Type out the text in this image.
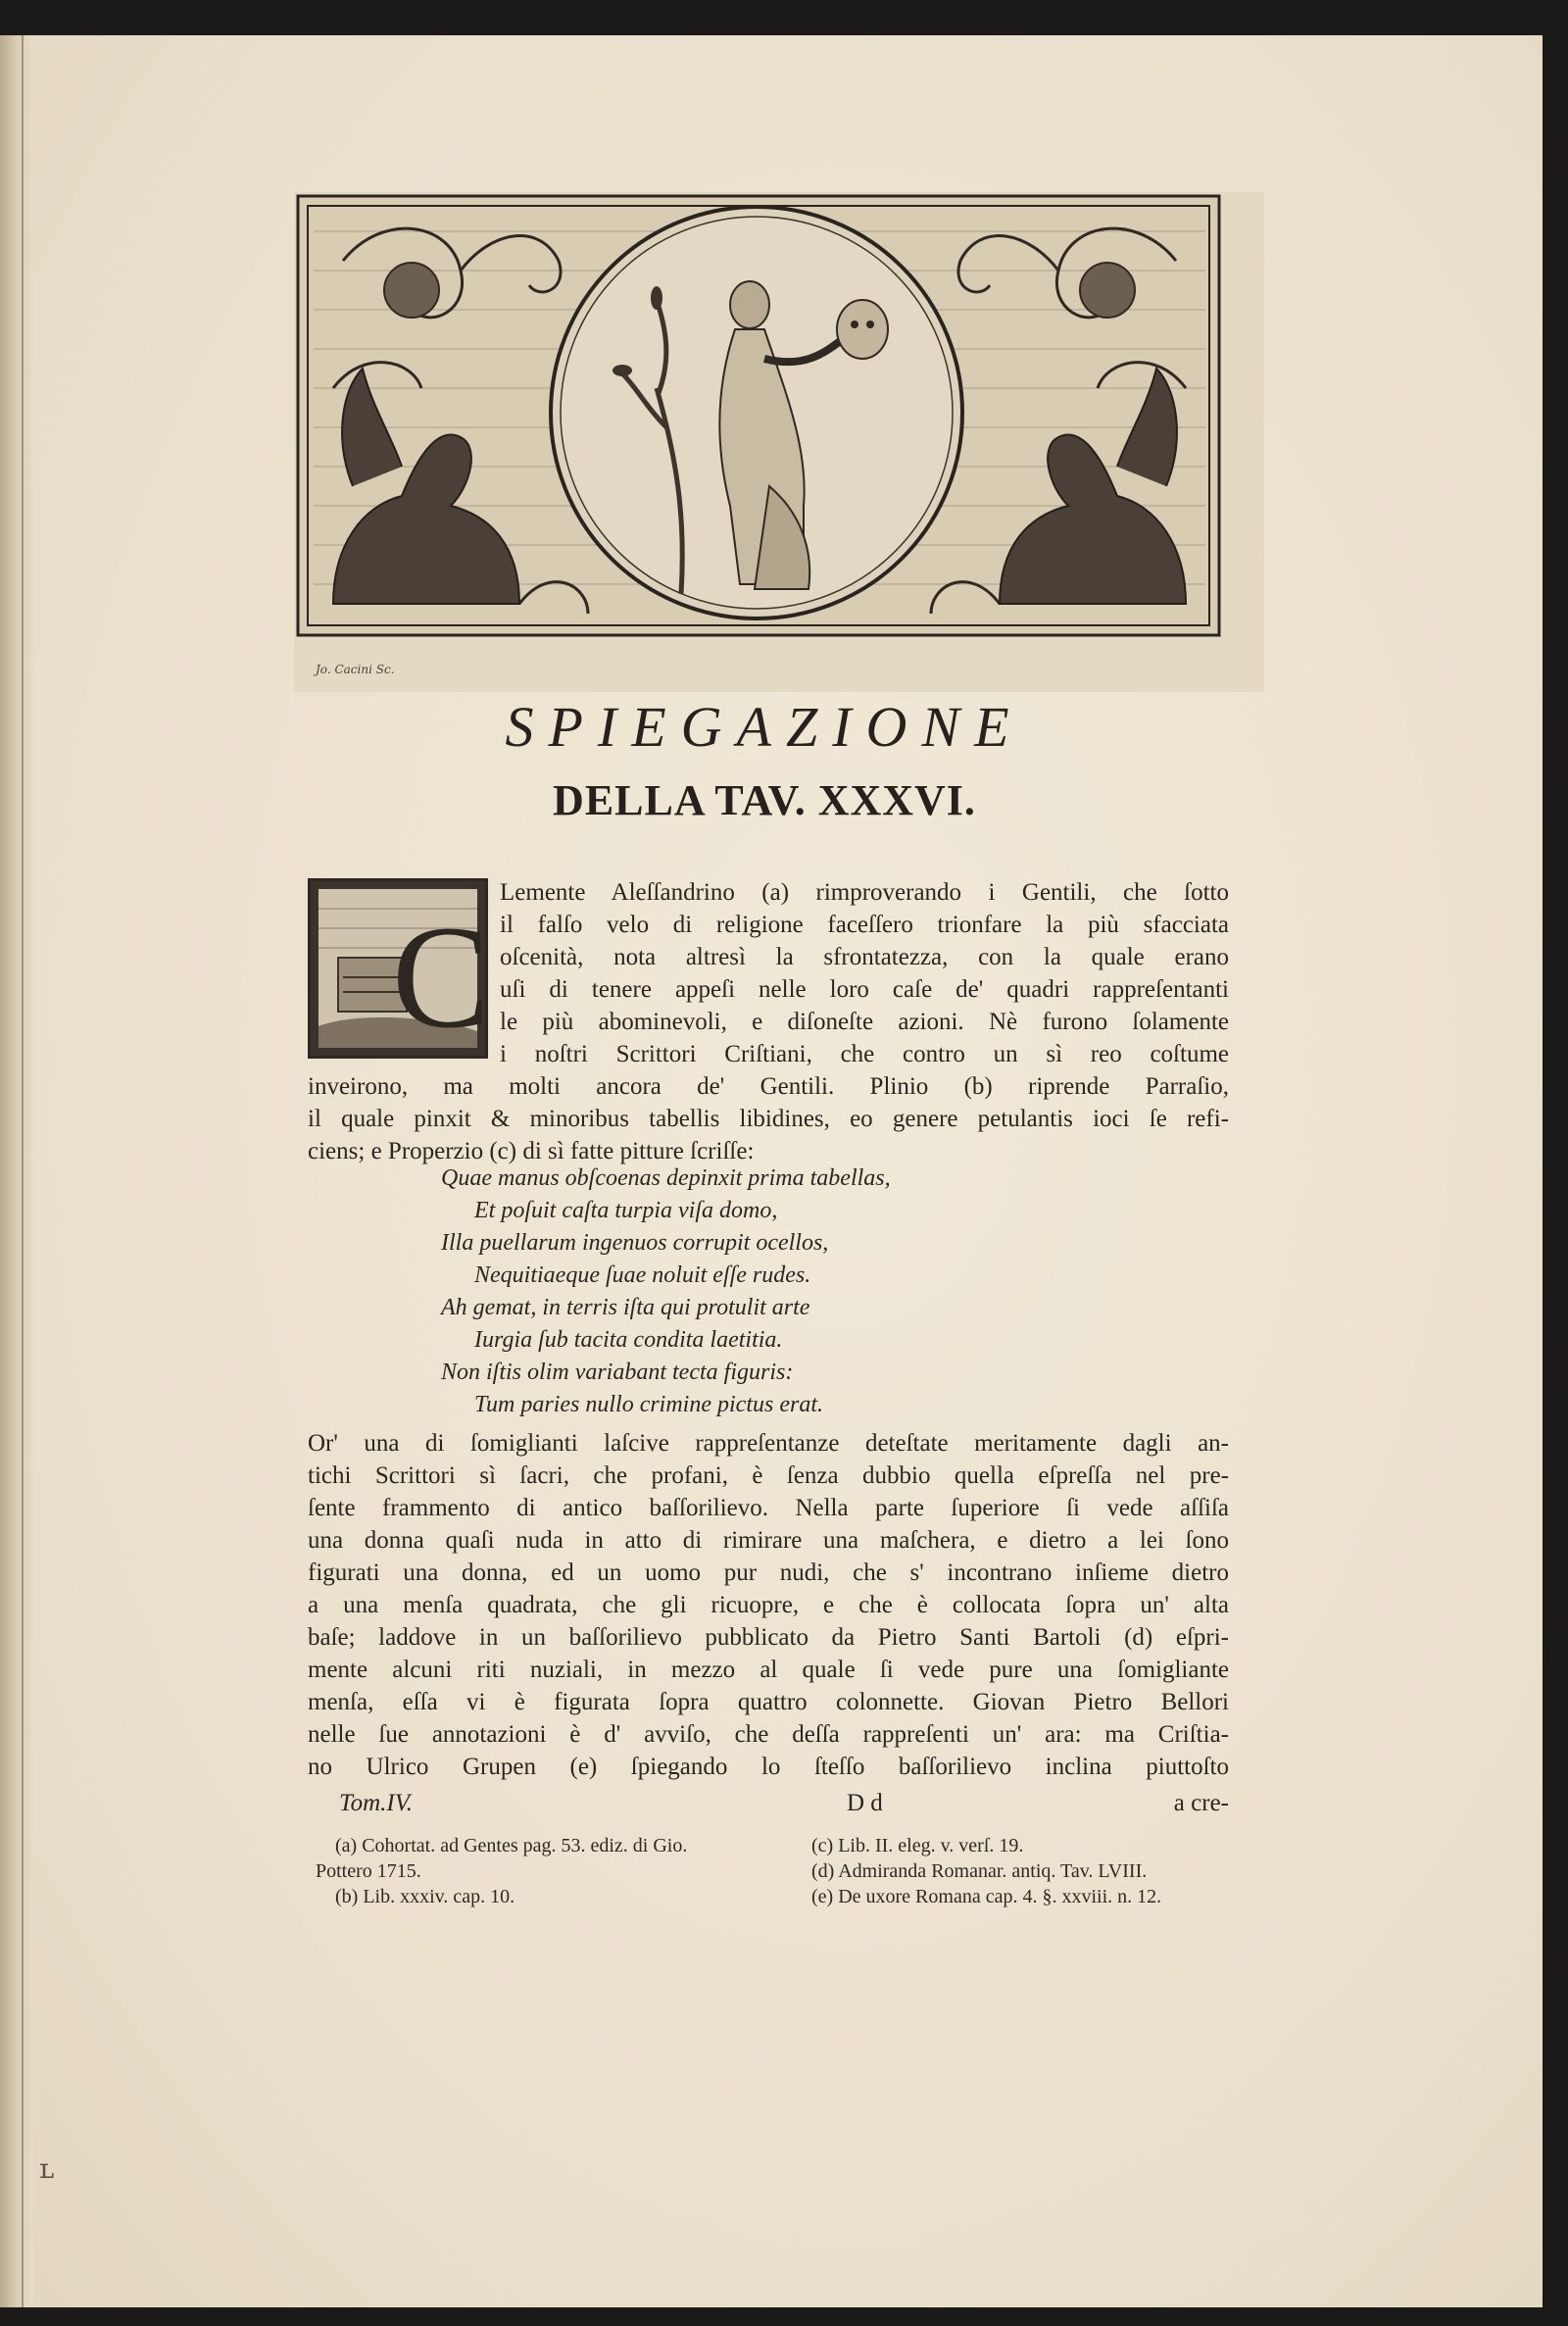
Jo. Cacini Sc.
SPIEGAZIONE
DELLA TAV. XXXVI.
C
Lemente Aleſſandrino (a) rimproverando i Gentili, che ſotto
il falſo velo di religione faceſſero trionfare la più sfacciata
oſcenità, nota altresì la sfrontatezza, con la quale erano
uſi di tenere appeſi nelle loro caſe de' quadri rappreſentanti
le più abominevoli, e diſoneſte azioni. Nè furono ſolamente
i noſtri Scrittori Criſtiani, che contro un sì reo coſtume
inveirono, ma molti ancora de' Gentili. Plinio (b) riprende Parraſio,
il quale pinxit & minoribus tabellis libidines, eo genere petulantis ioci ſe refi-
ciens; e Properzio (c) di sì fatte pitture ſcriſſe:
Quae manus obſcoenas depinxit prima tabellas,
Et poſuit caſta turpia viſa domo,
Illa puellarum ingenuos corrupit ocellos,
Nequitiaeque ſuae noluit eſſe rudes.
Ah gemat, in terris iſta qui protulit arte
Iurgia ſub tacita condita laetitia.
Non iſtis olim variabant tecta figuris:
Tum paries nullo crimine pictus erat.
Or' una di ſomiglianti laſcive rappreſentanze deteſtate meritamente dagli an-
tichi Scrittori sì ſacri, che profani, è ſenza dubbio quella eſpreſſa nel pre-
ſente frammento di antico baſſorilievo. Nella parte ſuperiore ſi vede aſſiſa
una donna quaſi nuda in atto di rimirare una maſchera, e dietro a lei ſono
figurati una donna, ed un uomo pur nudi, che s' incontrano inſieme dietro
a una menſa quadrata, che gli ricuopre, e che è collocata ſopra un' alta
baſe; laddove in un baſſorilievo pubblicato da Pietro Santi Bartoli (d) eſpri-
mente alcuni riti nuziali, in mezzo al quale ſi vede pure una ſomigliante
menſa, eſſa vi è figurata ſopra quattro colonnette. Giovan Pietro Bellori
nelle ſue annotazioni è d' avviſo, che deſſa rappreſenti un' ara: ma Criſtia-
no Ulrico Grupen (e) ſpiegando lo ſteſſo baſſorilievo inclina piuttoſto
Tom.IV.	D d	a cre-
(a) Cohortat. ad Gentes pag. 53. ediz. di Gio.
Pottero 1715.
(b) Lib. xxxiv. cap. 10.
(c) Lib. II. eleg. v. verſ. 19.
(d) Admiranda Romanar. antiq. Tav. LVIII.
(e) De uxore Romana cap. 4. §. xxviii. n. 12.
ʟ
